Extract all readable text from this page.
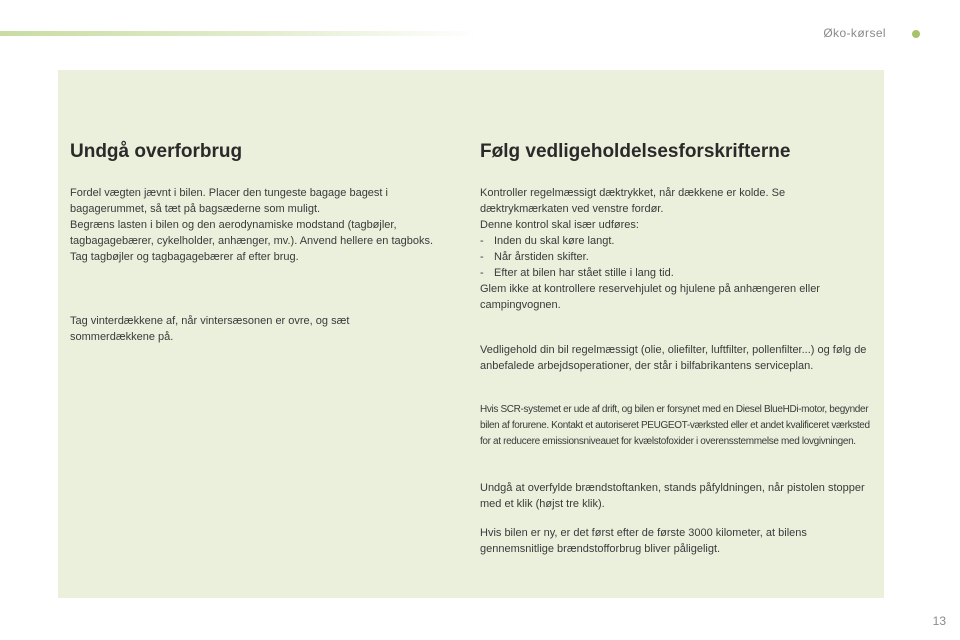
Øko-kørsel
Undgå overforbrug

Fordel vægten jævnt i bilen. Placer den tungeste bagage bagest i bagagerummet, så tæt på bagsæderne som muligt.

Begræns lasten i bilen og den aerodynamiske modstand (tagbøjler, tagbagagebærer, cykelholder, anhænger, mv.). Anvend hellere en tagboks.

Tag tagbøjler og tagbagagebærer af efter brug.

Tag vinterdækkene af, når vintersæsonen er ovre, og sæt sommerdækkene på.

Følg vedligeholdelsesforskrifterne

Kontroller regelmæssigt dæktrykket, når dækkene er kolde. Se dæktrykmærkaten ved venstre fordør.

Denne kontrol skal især udføres:

- Inden du skal køre langt.
- Når årstiden skifter.
- Efter at bilen har stået stille i lang tid.

Glem ikke at kontrollere reservehjulet og hjulene på anhængeren eller campingvognen.

Vedligehold din bil regelmæssigt (olie, oliefilter, luftfilter, pollenfilter...) og følg de anbefalede arbejdsoperationer, der står i bilfabrikantens serviceplan.

Hvis SCR-systemet er ude af drift, og bilen er forsynet med en Diesel BlueHDi-motor, begynder bilen af forurene. Kontakt et autoriseret PEUGEOT-værksted eller et andet kvalificeret værksted for at reducere emissionsniveauet for kvælstofoxider i overensstemmelse med lovgivningen.

Undgå at overfylde brændstoftanken, stands påfyldningen, når pistolen stopper med et klik (højst tre klik).

Hvis bilen er ny, er det først efter de første 3000 kilometer, at bilens gennemsnitlige brændstofforbrug bliver påligeligt.

13
